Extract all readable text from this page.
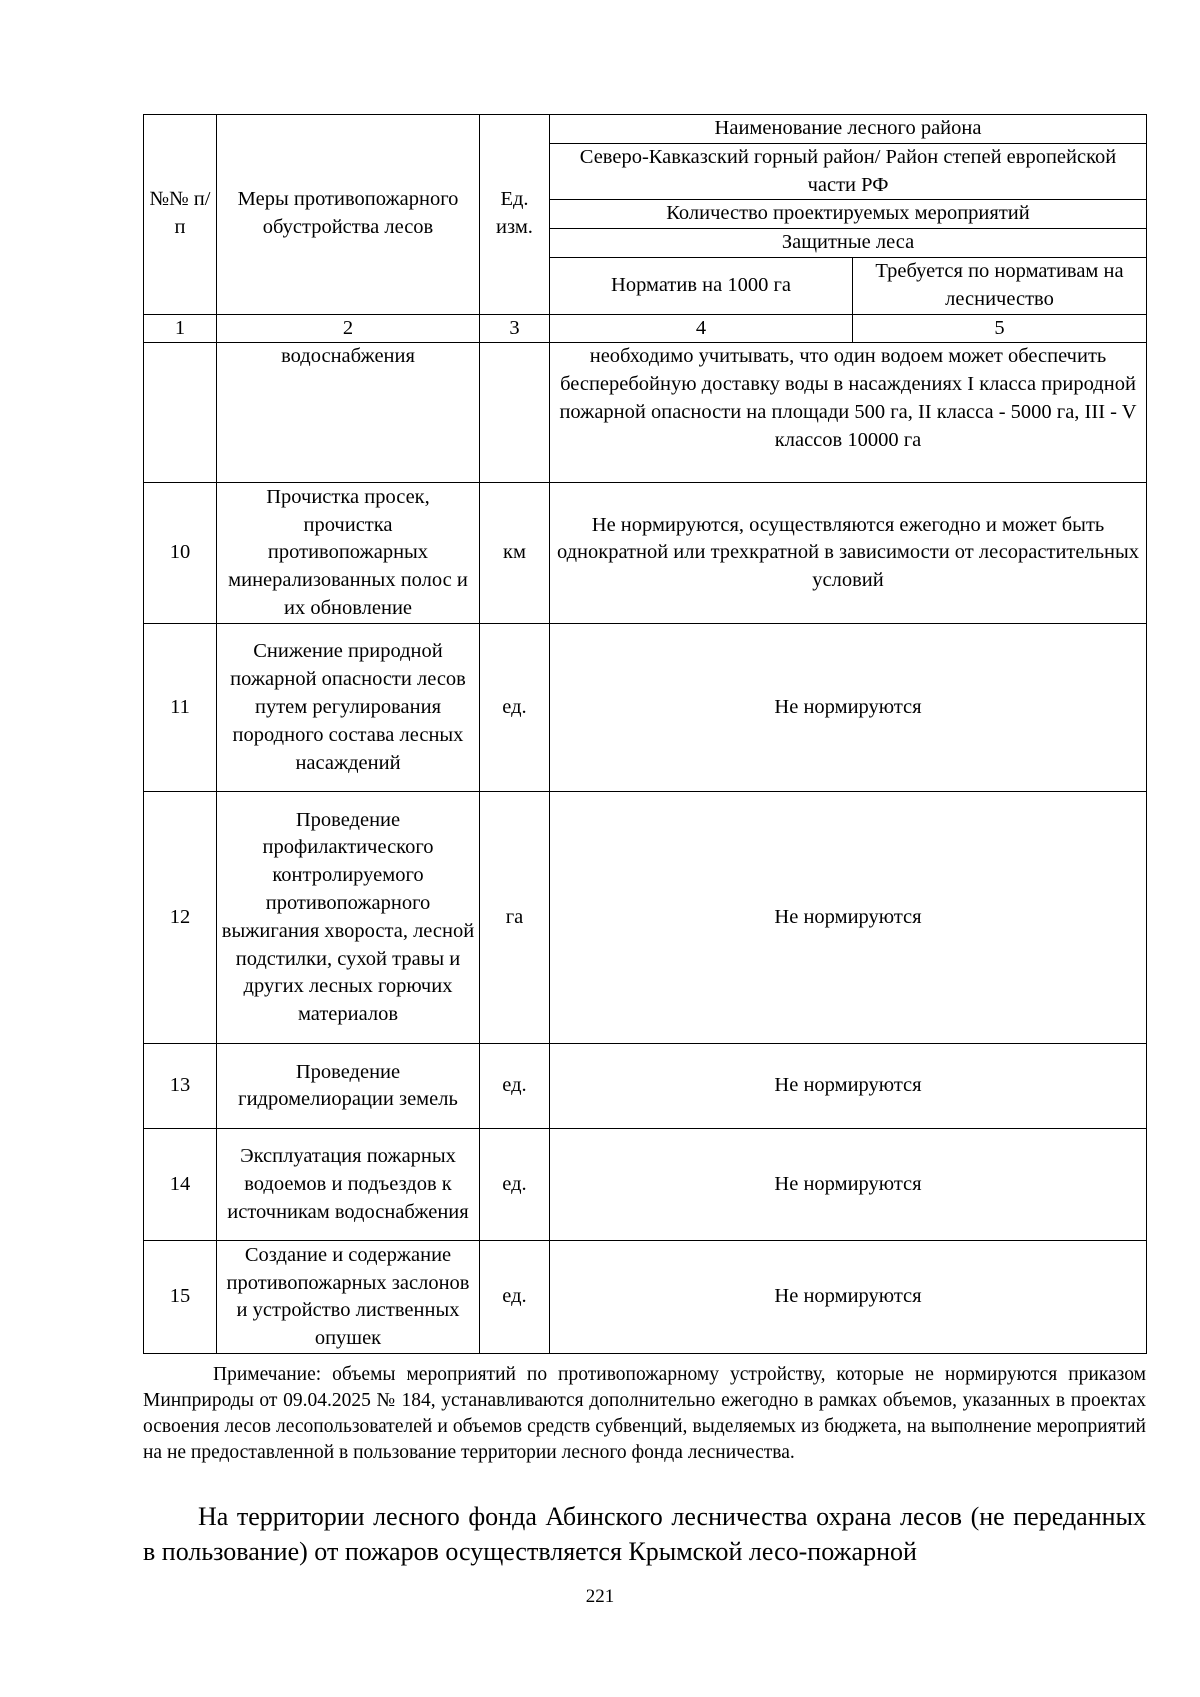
№№ п/п	Меры противопожарного обустройства лесов	Ед. изм.	Наименование лесного района	
			Северо-Кавказский горный район/ Район степей европейской части РФ	
			Количество проектируемых мероприятий	
			Защитные леса	
			Норматив на 1000 га	Требуется по нормативам на лесничество
1	2	3	4	5
	водоснабжения		необходимо учитывать, что один водоем может обеспечить бесперебойную доставку воды в насаждениях I класса природной пожарной опасности на площади 500 га, II класса - 5000 га, III - V классов 10000 га	
10	Прочистка просек, прочистка противопожарных минерализованных полос и их обновление	км	Не нормируются, осуществляются ежегодно и может быть однократной или трехкратной в зависимости от лесорастительных условий	
11	Снижение природной пожарной опасности лесов путем регулирования породного состава лесных насаждений	ед.	Не нормируются	
12	Проведение профилактического контролируемого противопожарного выжигания хвороста, лесной подстилки, сухой травы и других лесных горючих материалов	га	Не нормируются	
13	Проведение гидромелиорации земель	ед.	Не нормируются	
14	Эксплуатация пожарных водоемов и подъездов к источникам водоснабжения	ед.	Не нормируются	
15	Создание и содержание противопожарных заслонов и устройство лиственных опушек	ед.	Не нормируются	

Примечание: объемы мероприятий по противопожарному устройству, которые не нормируются приказом Минприроды от 09.04.2025 № 184, устанавливаются дополнительно ежегодно в рамках объемов, указанных в проектах освоения лесов лесопользователей и объемов средств субвенций, выделяемых из бюджета, на выполнение мероприятий на не предоставленной в пользование территории лесного фонда лесничества.

На территории лесного фонда Абинского лесничества охрана лесов (не переданных в пользование) от пожаров осуществляется Крымской лесо-пожарной

221
